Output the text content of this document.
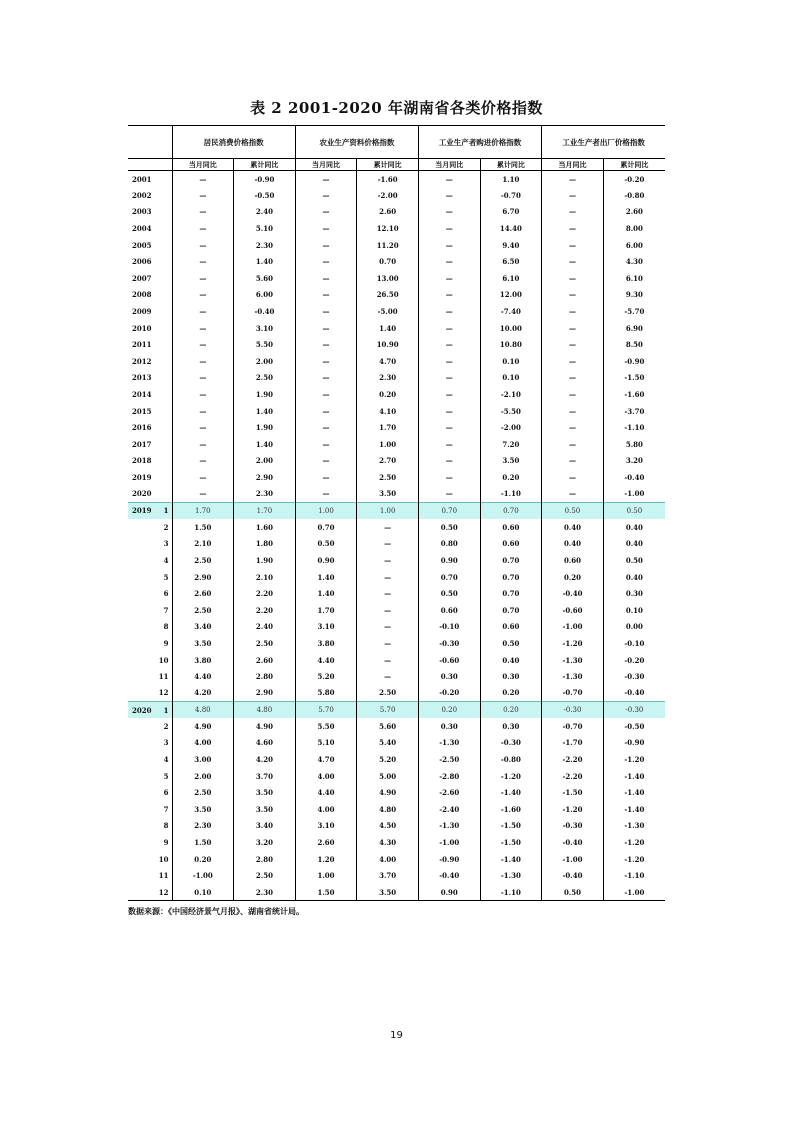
表 2 2001-2020 年湖南省各类价格指数
	居民消费价格指数		农业生产资料价格指数		工业生产者购进价格指数		工业生产者出厂价格指数	
	当月同比	累计同比	当月同比	累计同比	当月同比	累计同比	当月同比	累计同比
2001	—	-0.90	—	-1.60	—	1.10	—	-0.20
2002	—	-0.50	—	-2.00	—	-0.70	—	-0.80
2003	—	2.40	—	2.60	—	6.70	—	2.60
2004	—	5.10	—	12.10	—	14.40	—	8.00
2005	—	2.30	—	11.20	—	9.40	—	6.00
2006	—	1.40	—	0.70	—	6.50	—	4.30
2007	—	5.60	—	13.00	—	6.10	—	6.10
2008	—	6.00	—	26.50	—	12.00	—	9.30
2009	—	-0.40	—	-5.00	—	-7.40	—	-5.70
2010	—	3.10	—	1.40	—	10.00	—	6.90
2011	—	5.50	—	10.90	—	10.80	—	8.50
2012	—	2.00	—	4.70	—	0.10	—	-0.90
2013	—	2.50	—	2.30	—	0.10	—	-1.50
2014	—	1.90	—	0.20	—	-2.10	—	-1.60
2015	—	1.40	—	4.10	—	-5.50	—	-3.70
2016	—	1.90	—	1.70	—	-2.00	—	-1.10
2017	—	1.40	—	1.00	—	7.20	—	5.80
2018	—	2.00	—	2.70	—	3.50	—	3.20
2019	—	2.90	—	2.50	—	0.20	—	-0.40
2020	—	2.30	—	3.50	—	-1.10	—	-1.00

2019 1	1.70	1.70	1.00	1.00	0.70	0.70	0.50	0.50
2	1.50	1.60	0.70	—	0.50	0.60	0.40	0.40
3	2.10	1.80	0.50	—	0.80	0.60	0.40	0.40
4	2.50	1.90	0.90	—	0.90	0.70	0.60	0.50
5	2.90	2.10	1.40	—	0.70	0.70	0.20	0.40
6	2.60	2.20	1.40	—	0.50	0.70	-0.40	0.30
7	2.50	2.20	1.70	—	0.60	0.70	-0.60	0.10
8	3.40	2.40	3.10	—	-0.10	0.60	-1.00	0.00
9	3.50	2.50	3.80	—	-0.30	0.50	-1.20	-0.10
10	3.80	2.60	4.40	—	-0.60	0.40	-1.30	-0.20
11	4.40	2.80	5.20	—	0.30	0.30	-1.30	-0.30
12	4.20	2.90	5.80	2.50	-0.20	0.20	-0.70	-0.40

2020 1	4.80	4.80	5.70	5.70	0.20	0.20	-0.30	-0.30
2	4.90	4.90	5.50	5.60	0.30	0.30	-0.70	-0.50
3	4.00	4.60	5.10	5.40	-1.30	-0.30	-1.70	-0.90
4	3.00	4.20	4.70	5.20	-2.50	-0.80	-2.20	-1.20
5	2.00	3.70	4.00	5.00	-2.80	-1.20	-2.20	-1.40
6	2.50	3.50	4.40	4.90	-2.60	-1.40	-1.50	-1.40
7	3.50	3.50	4.00	4.80	-2.40	-1.60	-1.20	-1.40
8	2.30	3.40	3.10	4.50	-1.30	-1.50	-0.30	-1.30
9	1.50	3.20	2.60	4.30	-1.00	-1.50	-0.40	-1.20
10	0.20	2.80	1.20	4.00	-0.90	-1.40	-1.00	-1.20
11	-1.00	2.50	1.00	3.70	-0.40	-1.30	-0.40	-1.10
12	0.10	2.30	1.50	3.50	0.90	-1.10	0.50	-1.00
数据来源：《中国经济景气月报》、湖南省统计局。
19
